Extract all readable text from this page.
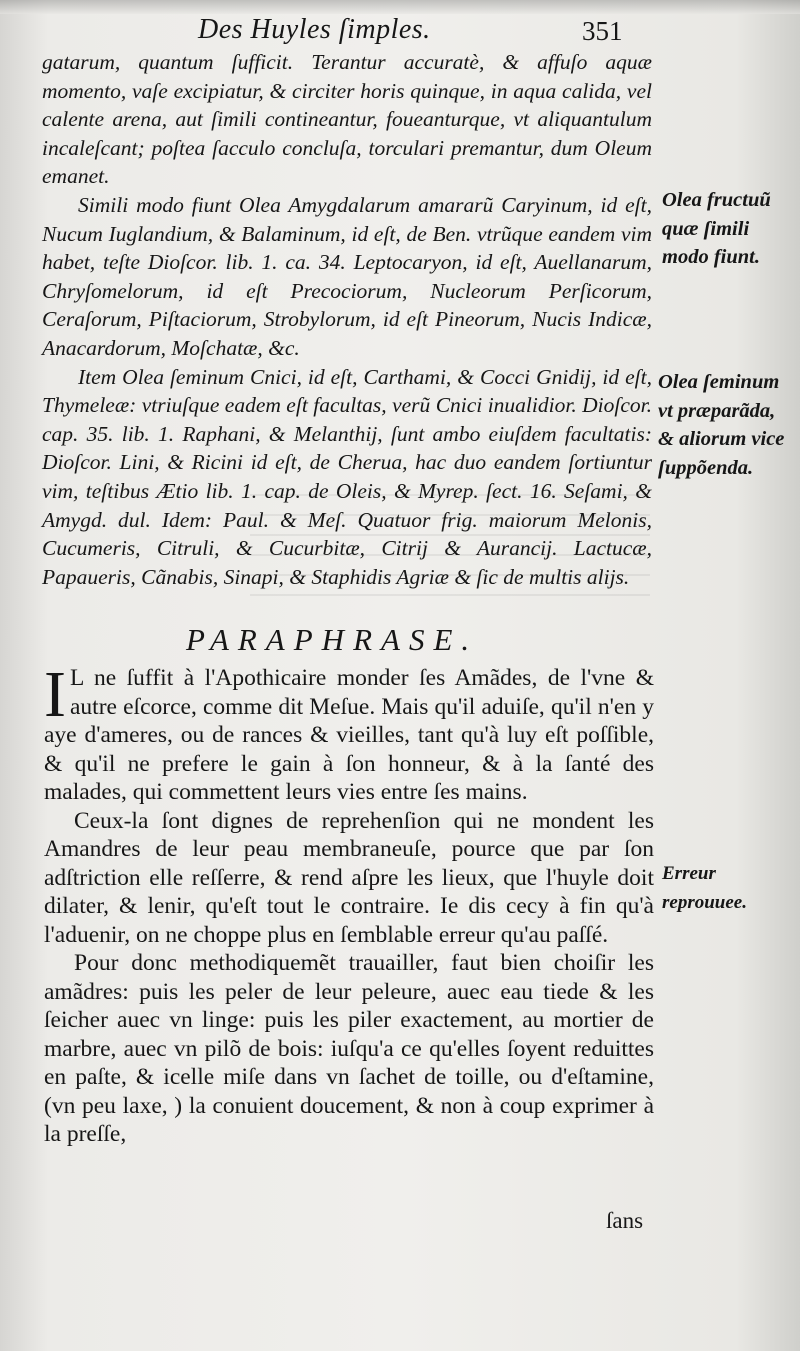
Des Huyles ſimples.	351

gatarum, quantum ſufficit. Terantur accuratè, & affuſo aquæ momento, vaſe excipiatur, & circiter horis quinque, in aqua calida, vel calente arena, aut ſimili contineantur, foueanturque, vt aliquantulum incaleſcant; poſtea ſacculo concluſa, torculari premantur, dum Oleum emanet.

Simili modo fiunt Olea Amygdalarum amararũ Caryinum, id eſt, Nucum Iuglandium, & Balaminum, id eſt, de Ben. vtrũque eandem vim habet, teſte Dioſcor. lib. 1. ca. 34. Leptocaryon, id eſt, Auellanarum, Chryſomelorum, id eſt Precociorum, Nucleorum Perſicorum, Ceraſorum, Piſtaciorum, Strobylorum, id eſt Pineorum, Nucis Indicæ, Anacardorum, Moſchatæ, &c.

Item Olea ſeminum Cnici, id eſt, Carthami, & Cocci Gnidij, id eſt, Thymeleæ: vtriuſque eadem eſt facultas, verũ Cnici inualidior. Dioſcor. cap. 35. lib. 1. Raphani, & Melanthij, ſunt ambo eiuſdem facultatis: Dioſcor. Lini, & Ricini id eſt, de Cherua, hac duo eandem ſortiuntur vim, teſtibus Ætio lib. 1. cap. de Oleis, & Myrep. ſect. 16. Seſami, & Amygd. dul. Idem: Paul. & Meſ. Quatuor frig. maiorum Melonis, Cucumeris, Citruli, & Cucurbitæ, Citrij & Aurancij. Lactucæ, Papaueris, Cãnabis, Sinapi, & Staphidis Agriæ & ſic de multis alijs.

Olea fructuũ quæ ſimili modo fiunt.
Olea ſeminum vt præparãda, & aliorum vice ſuppõenda.
Erreur reprouuee.
PARAPHRASE.

I L ne ſuffit à l'Apothicaire monder ſes Amãdes, de l'vne & autre eſcorce, comme dit Meſue. Mais qu'il aduiſe, qu'il n'en y aye d'ameres, ou de rances & vieilles, tant qu'à luy eſt poſſible, & qu'il ne prefere le gain à ſon honneur, & à la ſanté des malades, qui commettent leurs vies entre ſes mains.

Ceux-la ſont dignes de reprehenſion qui ne mondent les Amandres de leur peau membraneuſe, pource que par ſon adſtriction elle reſſerre, & rend aſpre les lieux, que l'huyle doit dilater, & lenir, qu'eſt tout le contraire. Ie dis cecy à fin qu'à l'aduenir, on ne choppe plus en ſemblable erreur qu'au paſſé.

Pour donc methodiquemẽt trauailler, faut bien choiſir les amãdres: puis les peler de leur peleure, auec eau tiede & les ſeicher auec vn linge: puis les piler exactement, au mortier de marbre, auec vn pilõ de bois: iuſqu'a ce qu'elles ſoyent reduittes en paſte, & icelle miſe dans vn ſachet de toille, ou d'eſtamine, (vn peu laxe, ) la conuient doucement, & non à coup exprimer à la preſſe,

ſans
